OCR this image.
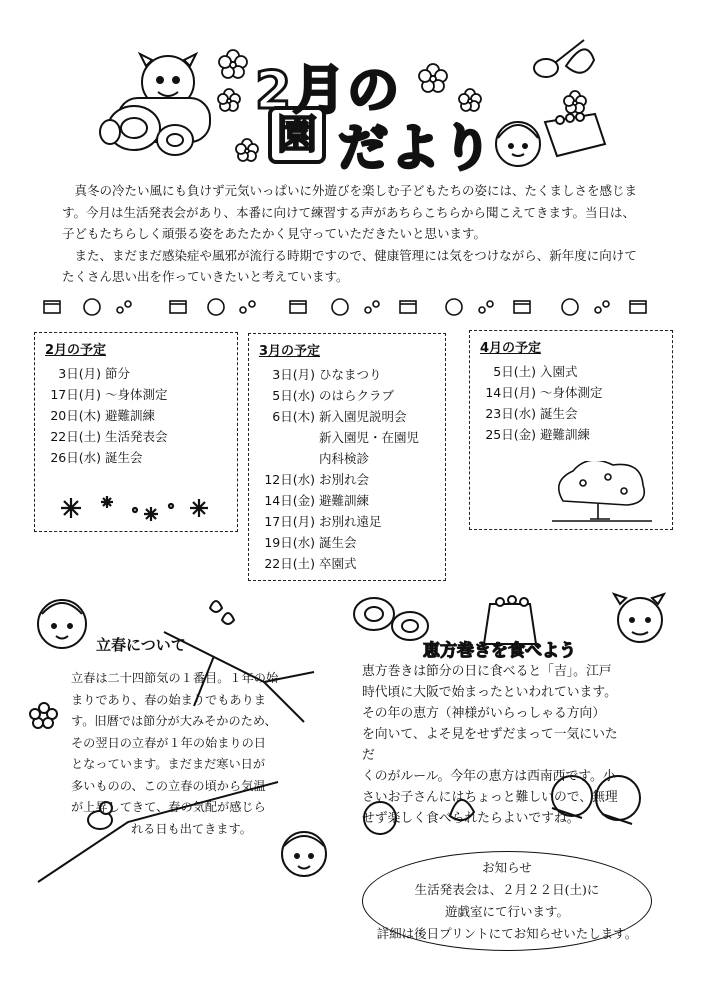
2月の
園 だより

真冬の冷たい風にも負けず元気いっぱいに外遊びを楽しむ子どもたちの姿には、たくましさを感じます。今月は生活発表会があり、本番に向けて練習する声があちらこちらから聞こえてきます。当日は、子どもたちらしく頑張る姿をあたたかく見守っていただきたいと思います。

また、まだまだ感染症や風邪が流行る時期ですので、健康管理には気をつけながら、新年度に向けてたくさん思い出を作っていきたいと考えています。

2月の予定
3日(月) 節分
17日(月) ～身体測定
20日(木) 避難訓練
22日(土) 生活発表会
26日(水) 誕生会
3月の予定
3日(月) ひなまつり
5日(水) のはらクラブ
6日(木) 新入園児説明会
新入園児・在園児
内科検診
12日(水) お別れ会
14日(金) 避難訓練
17日(月) お別れ遠足
19日(水) 誕生会
22日(土) 卒園式
4月の予定
5日(土) 入園式
14日(月) ～身体測定
23日(水) 誕生会
25日(金) 避難訓練
立春について
立春は二十四節気の１番目。１年の始
まりであり、春の始まりでもありま
す。旧暦では節分が大みそかのため、
その翌日の立春が１年の始まりの日
となっています。まだまだ寒い日が
多いものの、この立春の頃から気温
が上昇してきて、春の気配が感じら
れる日も出てきます。
恵方巻きを食べよう
恵方巻きは節分の日に食べると「吉」。江戸
時代頃に大阪で始まったといわれています。
その年の恵方（神様がいらっしゃる方向）
を向いて、よそ見をせずだまって一気にいただ
くのがルール。今年の恵方は西南西です。小
さいお子さんにはちょっと難しいので、無理
せず楽しく食べられたらよいですね。
お知らせ
生活発表会は、２月２２日(土)に
遊戯室にて行います。
詳細は後日プリントにてお知らせいたします。
